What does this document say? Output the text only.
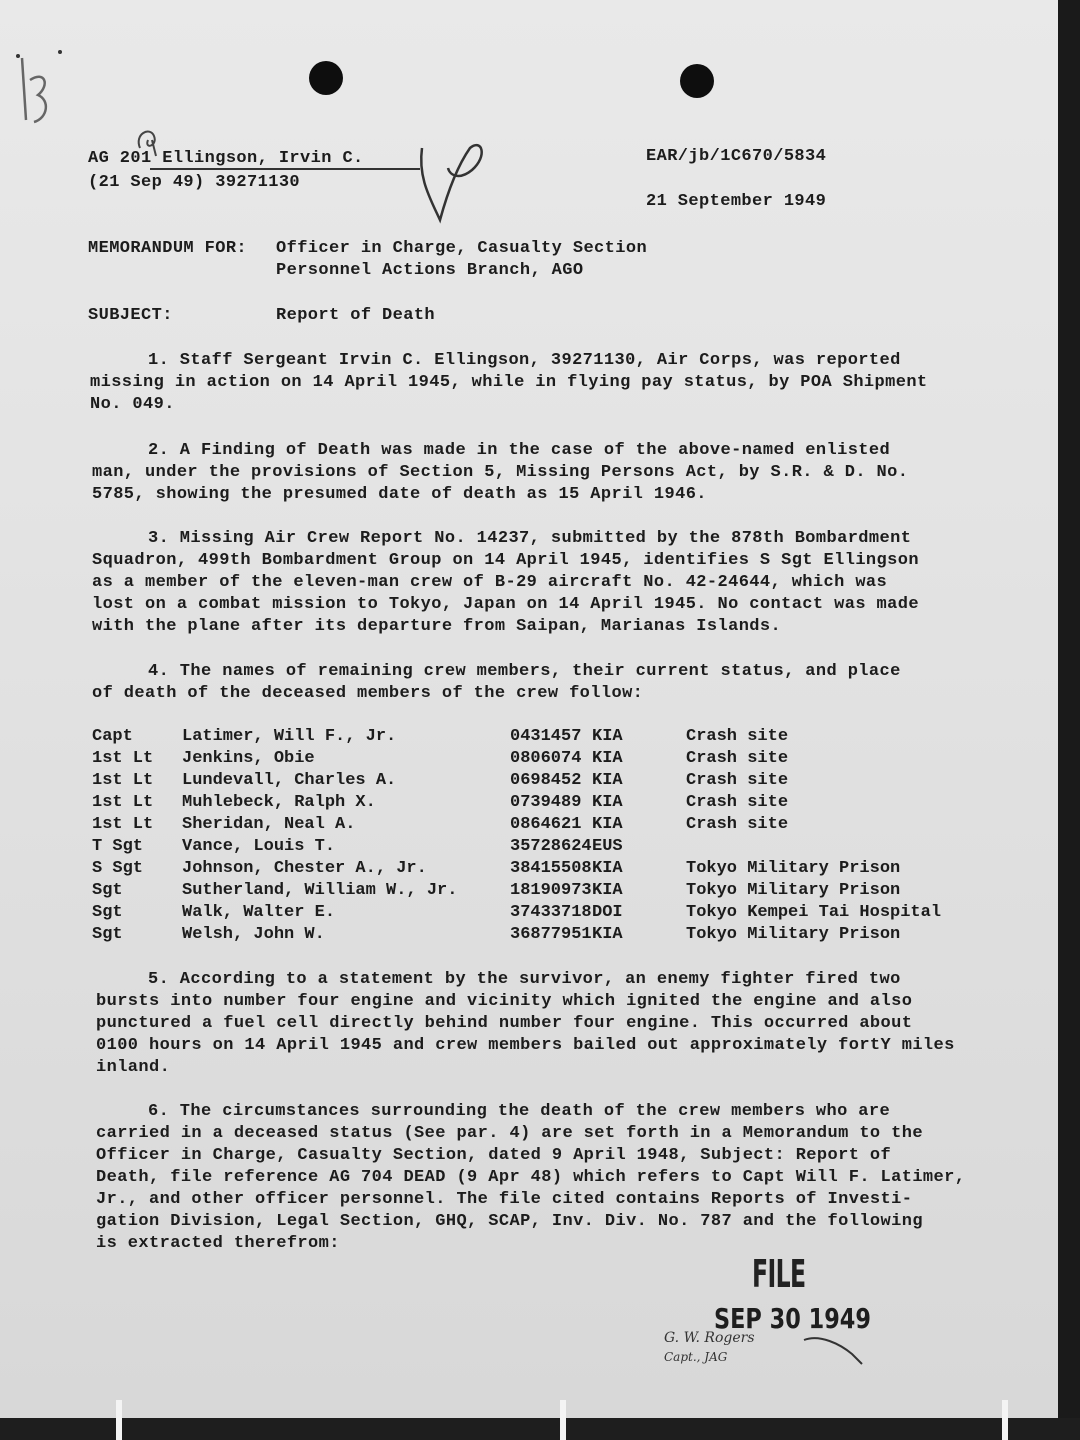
AG 201 Ellingson, Irvin C.
(21 Sep 49) 39271130
EAR/jb/1C670/5834
21 September 1949
MEMORANDUM FOR: Officer in Charge, Casualty Section
Personnel Actions Branch, AGO
SUBJECT:	Report of Death
1. Staff Sergeant Irvin C. Ellingson, 39271130, Air Corps, was reported
missing in action on 14 April 1945, while in flying pay status, by POA Shipment
No. 049.
2. A Finding of Death was made in the case of the above-named enlisted
man, under the provisions of Section 5, Missing Persons Act, by S.R. & D. No.
5785, showing the presumed date of death as 15 April 1946.
3. Missing Air Crew Report No. 14237, submitted by the 878th Bombardment
Squadron, 499th Bombardment Group on 14 April 1945, identifies S Sgt Ellingson
as a member of the eleven-man crew of B-29 aircraft No. 42-24644, which was
lost on a combat mission to Tokyo, Japan on 14 April 1945. No contact was made
with the plane after its departure from Saipan, Marianas Islands.
4. The names of remaining crew members, their current status, and place
of death of the deceased members of the crew follow:
Capt	Latimer, Will F., Jr.	0431457 KIA	Crash site
1st Lt Jenkins, Obie	0806074 KIA	Crash site
1st Lt Lundevall, Charles A.	0698452 KIA	Crash site
1st Lt Muhlebeck, Ralph X.	0739489 KIA	Crash site
1st Lt Sheridan, Neal A.	0864621 KIA	Crash site
T Sgt Vance, Louis T.	35728624 EUS
S Sgt Johnson, Chester A., Jr.	38415508 KIA	Tokyo Military Prison
Sgt	Sutherland, William W., Jr.	18190973 KIA	Tokyo Military Prison
Sgt	Walk, Walter E.	37433718 DOI	Tokyo Kempei Tai Hospital
Sgt	Welsh, John W.	36877951 KIA	Tokyo Military Prison
5. According to a statement by the survivor, an enemy fighter fired two
bursts into number four engine and vicinity which ignited the engine and also
punctured a fuel cell directly behind number four engine. This occurred about
0100 hours on 14 April 1945 and crew members bailed out approximately fortY miles
inland.
6. The circumstances surrounding the death of the crew members who are
carried in a deceased status (See par. 4) are set forth in a Memorandum to the
Officer in Charge, Casualty Section, dated 9 April 1948, Subject: Report of
Death, file reference AG 704 DEAD (9 Apr 48) which refers to Capt Will F. Latimer,
Jr., and other officer personnel. The file cited contains Reports of Investi-
gation Division, Legal Section, GHQ, SCAP, Inv. Div. No. 787 and the following
is extracted therefrom:
FILE
SEP 30 1949
G. W. Rogers
Capt., JAG
